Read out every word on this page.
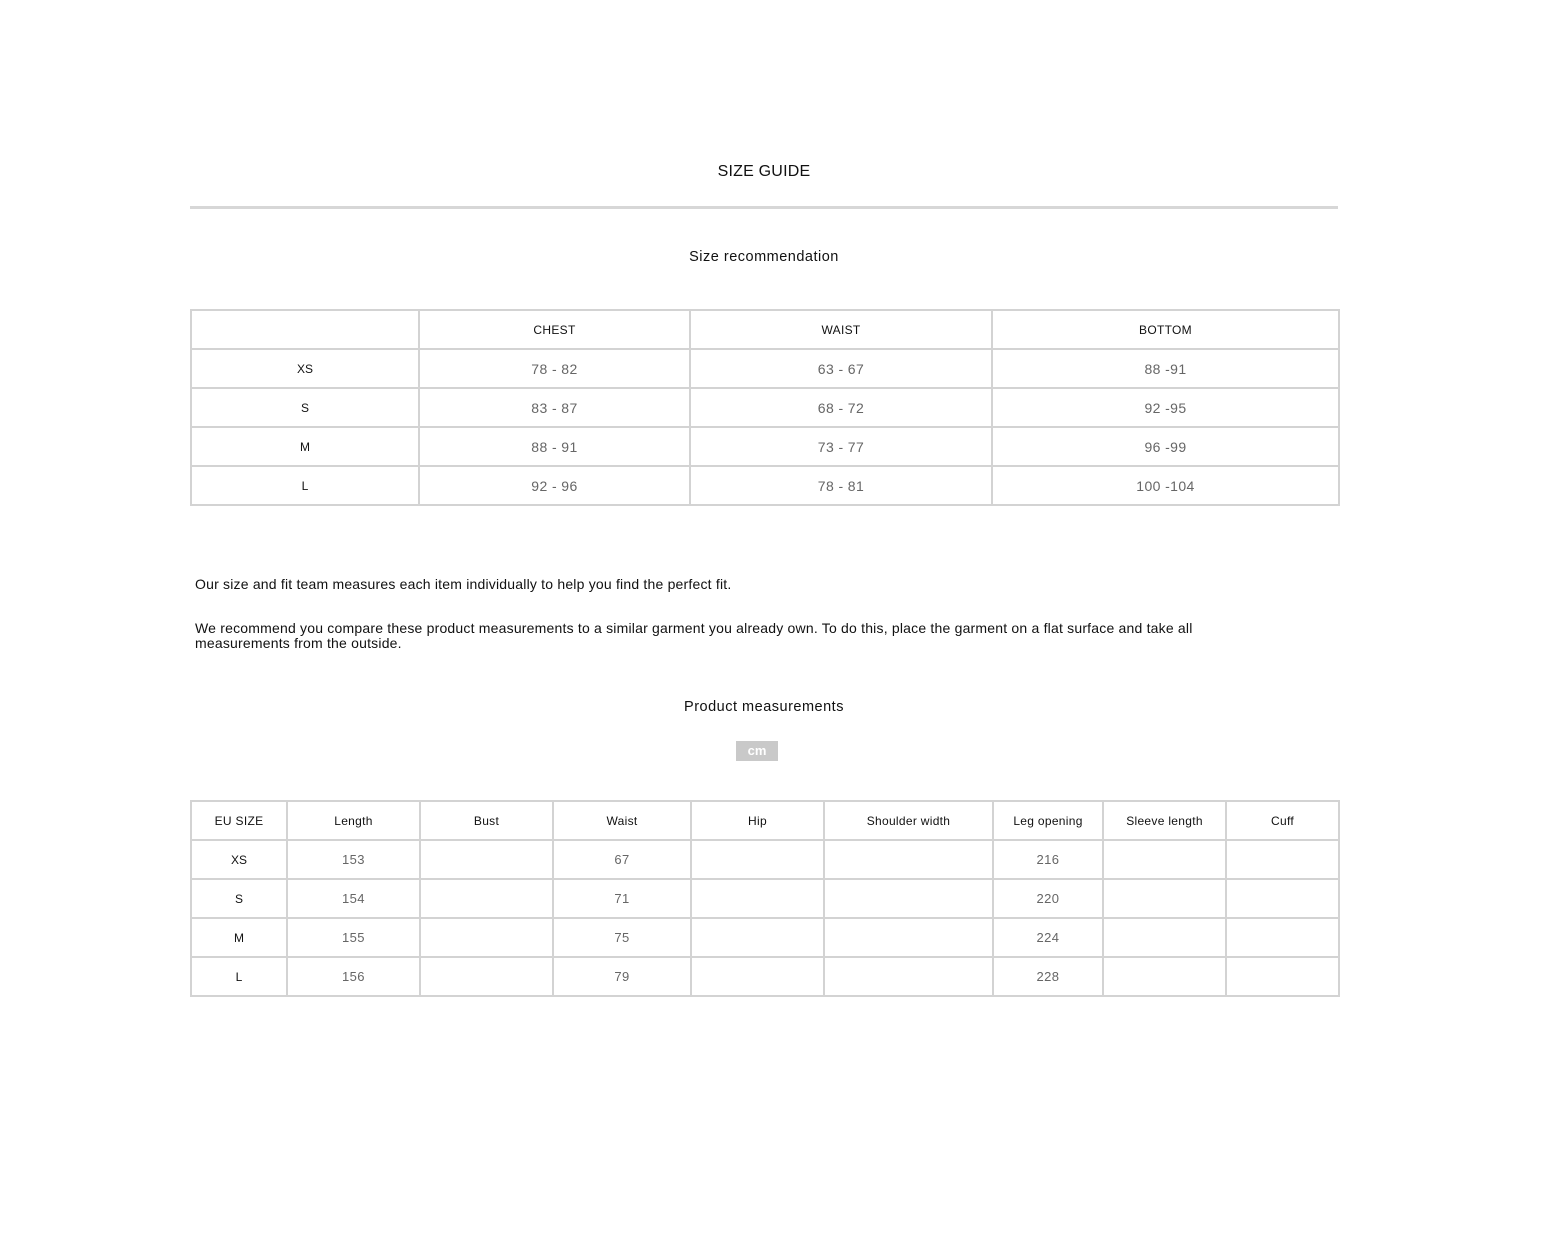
SIZE GUIDE
Size recommendation
	CHEST	WAIST	BOTTOM
XS	78 - 82	63 - 67	88 -91
S	83 - 87	68 - 72	92 -95
M	88 - 91	73 - 77	96 -99
L	92 - 96	78 - 81	100 -104
Our size and fit team measures each item individually to help you find the perfect fit.
We recommend you compare these product measurements to a similar garment you already own. To do this, place the garment on a flat surface and take all measurements from the outside.
Product measurements
cm
EU SIZE	Length	Bust	Waist	Hip	Shoulder width	Leg opening	Sleeve length	Cuff
XS	153		67			216		
S	154		71			220		
M	155		75			224		
L	156		79			228		
